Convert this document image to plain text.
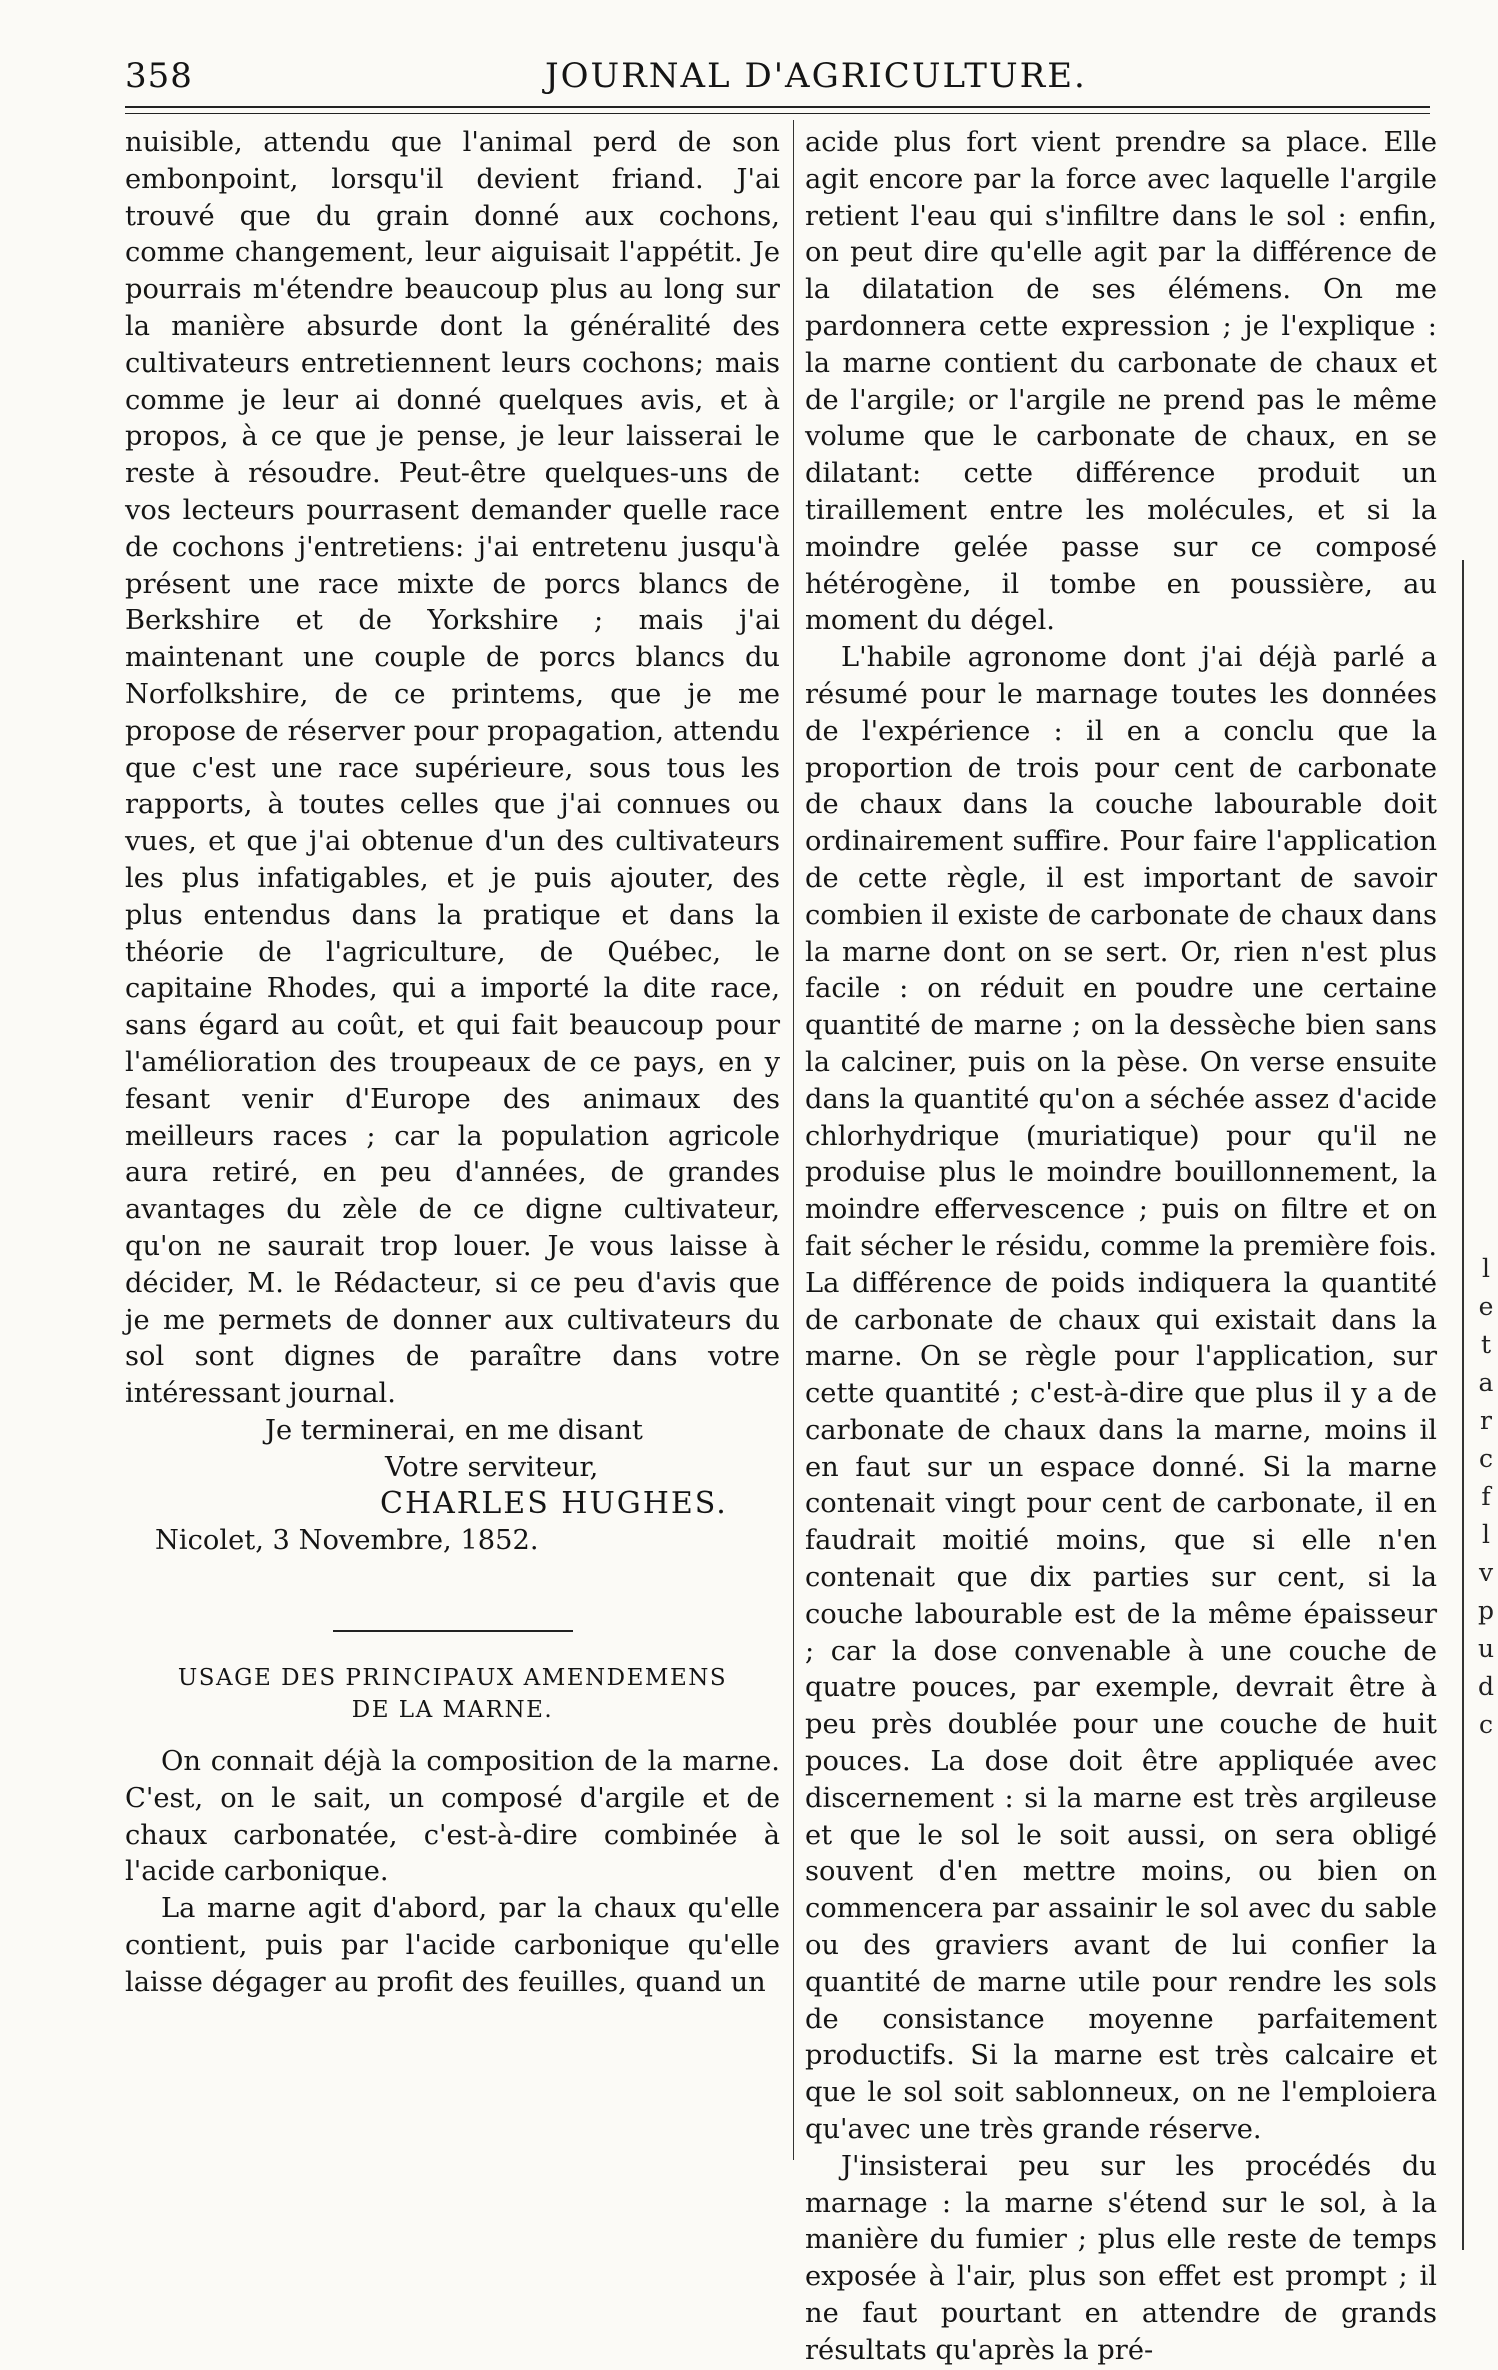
358	JOURNAL D'AGRICULTURE.

nuisible, attendu que l'animal perd de son embonpoint, lorsqu'il devient friand. J'ai trouvé que du grain donné aux cochons, comme changement, leur aiguisait l'appétit. Je pourrais m'étendre beaucoup plus au long sur la manière absurde dont la généralité des cultivateurs entretiennent leurs cochons; mais comme je leur ai donné quelques avis, et à propos, à ce que je pense, je leur laisserai le reste à résoudre. Peut-être quelques-uns de vos lecteurs pourrasent demander quelle race de cochons j'entretiens: j'ai entretenu jusqu'à présent une race mixte de porcs blancs de Berkshire et de Yorkshire ; mais j'ai maintenant une couple de porcs blancs du Norfolkshire, de ce printems, que je me propose de réserver pour propagation, attendu que c'est une race supérieure, sous tous les rapports, à toutes celles que j'ai connues ou vues, et que j'ai obtenue d'un des cultivateurs les plus infatigables, et je puis ajouter, des plus entendus dans la pratique et dans la théorie de l'agriculture, de Québec, le capitaine Rhodes, qui a importé la dite race, sans égard au coût, et qui fait beaucoup pour l'amélioration des troupeaux de ce pays, en y fesant venir d'Europe des animaux des meilleurs races ; car la population agricole aura retiré, en peu d'années, de grandes avantages du zèle de ce digne cultivateur, qu'on ne saurait trop louer. Je vous laisse à décider, M. le Rédacteur, si ce peu d'avis que je me permets de donner aux cultivateurs du sol sont dignes de paraître dans votre intéressant journal.

Je terminerai, en me disant

Votre serviteur,

CHARLES HUGHES.

Nicolet, 3 Novembre, 1852.

USAGE DES PRINCIPAUX AMENDEMENS
DE LA MARNE.

On connait déjà la composition de la marne. C'est, on le sait, un composé d'argile et de chaux carbonatée, c'est-à-dire combinée à l'acide carbonique.

La marne agit d'abord, par la chaux qu'elle contient, puis par l'acide carbonique qu'elle laisse dégager au profit des feuilles, quand un

acide plus fort vient prendre sa place. Elle agit encore par la force avec laquelle l'argile retient l'eau qui s'infiltre dans le sol : enfin, on peut dire qu'elle agit par la différence de la dilatation de ses élémens. On me pardonnera cette expression ; je l'explique : la marne contient du carbonate de chaux et de l'argile; or l'argile ne prend pas le même volume que le carbonate de chaux, en se dilatant: cette différence produit un tiraillement entre les molécules, et si la moindre gelée passe sur ce composé hétérogène, il tombe en poussière, au moment du dégel.

L'habile agronome dont j'ai déjà parlé a résumé pour le marnage toutes les données de l'expérience : il en a conclu que la proportion de trois pour cent de carbonate de chaux dans la couche labourable doit ordinairement suffire. Pour faire l'application de cette règle, il est important de savoir combien il existe de carbonate de chaux dans la marne dont on se sert. Or, rien n'est plus facile : on réduit en poudre une certaine quantité de marne ; on la dessèche bien sans la calciner, puis on la pèse. On verse ensuite dans la quantité qu'on a séchée assez d'acide chlorhydrique (muriatique) pour qu'il ne produise plus le moindre bouillonnement, la moindre effervescence ; puis on filtre et on fait sécher le résidu, comme la première fois. La différence de poids indiquera la quantité de carbonate de chaux qui existait dans la marne. On se règle pour l'application, sur cette quantité ; c'est-à-dire que plus il y a de carbonate de chaux dans la marne, moins il en faut sur un espace donné. Si la marne contenait vingt pour cent de carbonate, il en faudrait moitié moins, que si elle n'en contenait que dix parties sur cent, si la couche labourable est de la même épaisseur ; car la dose convenable à une couche de quatre pouces, par exemple, devrait être à peu près doublée pour une couche de huit pouces. La dose doit être appliquée avec discernement : si la marne est très argileuse et que le sol le soit aussi, on sera obligé souvent d'en mettre moins, ou bien on commencera par assainir le sol avec du sable ou des graviers avant de lui confier la quantité de marne utile pour rendre les sols de consistance moyenne parfaitement productifs. Si la marne est très calcaire et que le sol soit sablonneux, on ne l'emploiera qu'avec une très grande réserve.

J'insisterai peu sur les procédés du marnage : la marne s'étend sur le sol, à la manière du fumier ; plus elle reste de temps exposée à l'air, plus son effet est prompt ; il ne faut pourtant en attendre de grands résultats qu'après la pré-

l
e
t
a
r
c
f
l
v
p
u
d
c
